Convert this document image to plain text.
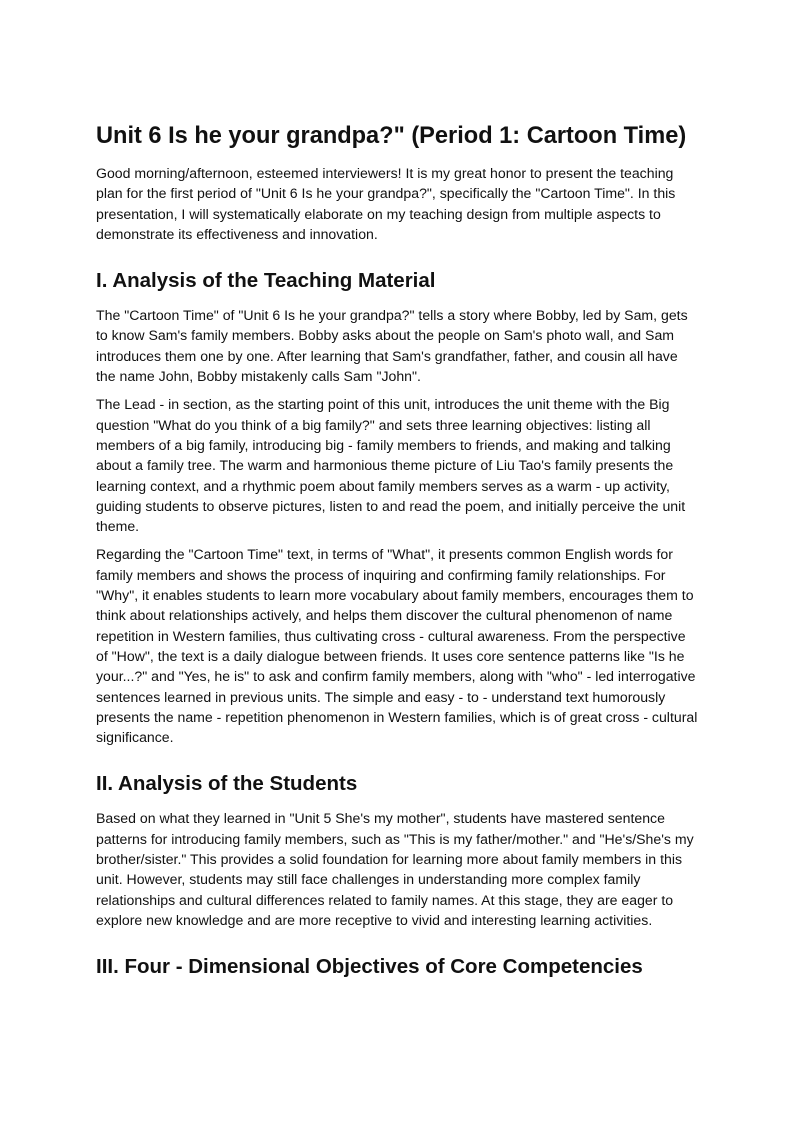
Unit 6 Is he your grandpa?" (Period 1: Cartoon Time)

Good morning/afternoon, esteemed interviewers! It is my great honor to present the teaching plan for the first period of "Unit 6 Is he your grandpa?", specifically the "Cartoon Time". In this presentation, I will systematically elaborate on my teaching design from multiple aspects to demonstrate its effectiveness and innovation.

I. Analysis of the Teaching Material

The "Cartoon Time" of "Unit 6 Is he your grandpa?" tells a story where Bobby, led by Sam, gets to know Sam's family members. Bobby asks about the people on Sam's photo wall, and Sam introduces them one by one. After learning that Sam's grandfather, father, and cousin all have the name John, Bobby mistakenly calls Sam "John".

The Lead - in section, as the starting point of this unit, introduces the unit theme with the Big question "What do you think of a big family?" and sets three learning objectives: listing all members of a big family, introducing big - family members to friends, and making and talking about a family tree. The warm and harmonious theme picture of Liu Tao's family presents the learning context, and a rhythmic poem about family members serves as a warm - up activity, guiding students to observe pictures, listen to and read the poem, and initially perceive the unit theme.

Regarding the "Cartoon Time" text, in terms of "What", it presents common English words for family members and shows the process of inquiring and confirming family relationships. For "Why", it enables students to learn more vocabulary about family members, encourages them to think about relationships actively, and helps them discover the cultural phenomenon of name repetition in Western families, thus cultivating cross - cultural awareness. From the perspective of "How", the text is a daily dialogue between friends. It uses core sentence patterns like "Is he your...?" and "Yes, he is" to ask and confirm family members, along with "who" - led interrogative sentences learned in previous units. The simple and easy - to - understand text humorously presents the name - repetition phenomenon in Western families, which is of great cross - cultural significance.

II. Analysis of the Students

Based on what they learned in "Unit 5 She's my mother", students have mastered sentence patterns for introducing family members, such as "This is my father/mother." and "He's/She's my brother/sister." This provides a solid foundation for learning more about family members in this unit. However, students may still face challenges in understanding more complex family relationships and cultural differences related to family names. At this stage, they are eager to explore new knowledge and are more receptive to vivid and interesting learning activities.

III. Four - Dimensional Objectives of Core Competencies
